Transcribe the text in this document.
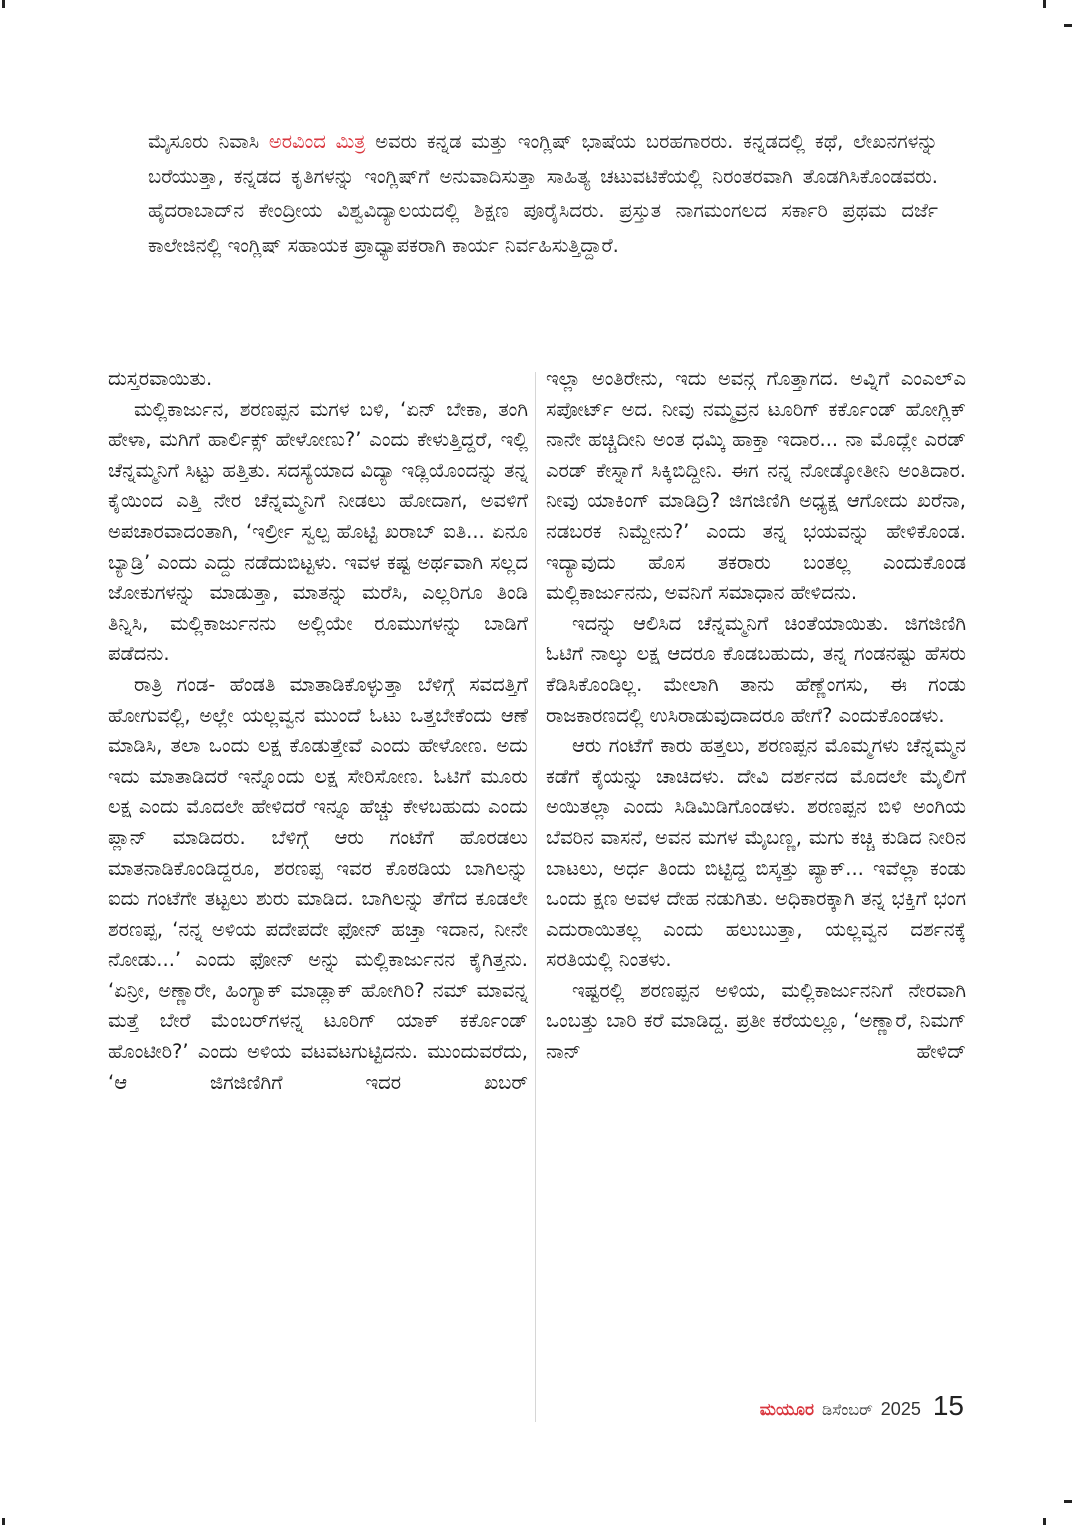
ಮೈಸೂರು ನಿವಾಸಿ ಅರವಿಂದ ಮಿತ್ರ ಅವರು ಕನ್ನಡ ಮತ್ತು ಇಂಗ್ಲಿಷ್ ಭಾಷೆಯ ಬರಹಗಾರರು. ಕನ್ನಡದಲ್ಲಿ ಕಥೆ, ಲೇಖನಗಳನ್ನು ಬರೆಯುತ್ತಾ, ಕನ್ನಡದ ಕೃತಿಗಳನ್ನು ಇಂಗ್ಲಿಷ್‌ಗೆ ಅನುವಾದಿಸುತ್ತಾ ಸಾಹಿತ್ಯ ಚಟುವಟಿಕೆಯಲ್ಲಿ ನಿರಂತರವಾಗಿ ತೊಡಗಿಸಿಕೊಂಡವರು. ಹೈದರಾಬಾದ್‌ನ ಕೇಂದ್ರೀಯ ವಿಶ್ವವಿದ್ಯಾಲಯದಲ್ಲಿ ಶಿಕ್ಷಣ ಪೂರೈಸಿದರು. ಪ್ರಸ್ತುತ ನಾಗಮಂಗಲದ ಸರ್ಕಾರಿ ಪ್ರಥಮ ದರ್ಜೆ ಕಾಲೇಜಿನಲ್ಲಿ ಇಂಗ್ಲಿಷ್ ಸಹಾಯಕ ಪ್ರಾಧ್ಯಾಪಕರಾಗಿ ಕಾರ್ಯ ನಿರ್ವಹಿಸುತ್ತಿದ್ದಾರೆ.

ದುಸ್ತರವಾಯಿತು.

ಮಲ್ಲಿಕಾರ್ಜುನ, ಶರಣಪ್ಪನ ಮಗಳ ಬಳಿ, ‘ಏನ್ ಬೇಕಾ, ತಂಗಿ ಹೇಳಾ, ಮಗಿಗೆ ಹಾರ್ಲಿಕ್ಸ್ ಹೇಳೋಣು?’ ಎಂದು ಕೇಳುತ್ತಿದ್ದರೆ, ಇಲ್ಲಿ ಚೆನ್ನಮ್ಮನಿಗೆ ಸಿಟ್ಟು ಹತ್ತಿತು. ಸದಸ್ಯೆಯಾದ ವಿದ್ಯಾ ಇಡ್ಲಿಯೊಂದನ್ನು ತನ್ನ ಕೈಯಿಂದ ಎತ್ತಿ ನೇರ ಚೆನ್ನಮ್ಮನಿಗೆ ನೀಡಲು ಹೋದಾಗ, ಅವಳಿಗೆ ಅಪಚಾರವಾದಂತಾಗಿ, ‘ಇರ್ಲ್ರೀ ಸ್ವಲ್ಪ ಹೊಟ್ಟಿ ಖರಾಬ್ ಐತಿ... ಏನೂ ಬ್ಯಾಡ್ರಿ’ ಎಂದು ಎದ್ದು ನಡೆದುಬಿಟ್ಟಳು. ಇವಳ ಕಷ್ಟ ಅರ್ಥವಾಗಿ ಸಲ್ಲದ ಜೋಕುಗಳನ್ನು ಮಾಡುತ್ತಾ, ಮಾತನ್ನು ಮರೆಸಿ, ಎಲ್ಲರಿಗೂ ತಿಂಡಿ ತಿನ್ನಿಸಿ, ಮಲ್ಲಿಕಾರ್ಜುನನು ಅಲ್ಲಿಯೇ ರೂಮುಗಳನ್ನು ಬಾಡಿಗೆ ಪಡೆದನು.

ರಾತ್ರಿ ಗಂಡ- ಹೆಂಡತಿ ಮಾತಾಡಿಕೊಳ್ಳುತ್ತಾ ಬೆಳಿಗ್ಗೆ ಸವದತ್ತಿಗೆ ಹೋಗುವಲ್ಲಿ, ಅಲ್ಲೇ ಯಲ್ಲವ್ವನ ಮುಂದೆ ಓಟು ಒತ್ತಬೇಕೆಂದು ಆಣೆ ಮಾಡಿಸಿ, ತಲಾ ಒಂದು ಲಕ್ಷ ಕೊಡುತ್ತೇವೆ ಎಂದು ಹೇಳೋಣ. ಅದು ಇದು ಮಾತಾಡಿದರೆ ಇನ್ನೊಂದು ಲಕ್ಷ ಸೇರಿಸೋಣ. ಓಟಿಗೆ ಮೂರು ಲಕ್ಷ ಎಂದು ಮೊದಲೇ ಹೇಳಿದರೆ ಇನ್ನೂ ಹೆಚ್ಚು ಕೇಳಬಹುದು ಎಂದು ಪ್ಲಾನ್ ಮಾಡಿದರು. ಬೆಳಿಗ್ಗೆ ಆರು ಗಂಟೆಗೆ ಹೊರಡಲು ಮಾತನಾಡಿಕೊಂಡಿದ್ದರೂ, ಶರಣಪ್ಪ ಇವರ ಕೊಠಡಿಯ ಬಾಗಿಲನ್ನು ಐದು ಗಂಟೆಗೇ ತಟ್ಟಲು ಶುರು ಮಾಡಿದ. ಬಾಗಿಲನ್ನು ತೆಗೆದ ಕೂಡಲೇ ಶರಣಪ್ಪ, ‘ನನ್ನ ಅಳಿಯ ಪದೇಪದೇ ಫೋನ್ ಹಚ್ತಾ ಇದಾನ, ನೀನೇ ನೋಡು...’ ಎಂದು ಫೋನ್ ಅನ್ನು ಮಲ್ಲಿಕಾರ್ಜುನನ ಕೈಗಿತ್ತನು. ‘ಏನ್ರೀ, ಅಣ್ಣಾರೇ, ಹಿಂಗ್ಯಾಕ್ ಮಾಡ್ಲಾಕ್ ಹೋಗಿರಿ? ನಮ್ ಮಾವನ್ನ ಮತ್ತೆ ಬೇರೆ ಮೆಂಬರ್‌ಗಳನ್ನ ಟೂರಿಗ್ ಯಾಕ್ ಕರ್ಕೊಂಡ್ ಹೊಂಟೀರಿ?’ ಎಂದು ಅಳಿಯ ವಟವಟಗುಟ್ಟಿದನು. ಮುಂದುವರೆದು, ‘ಆ ಜಿಗಜಿಣಿಗಿಗೆ ಇದರ ಖಬರ್

ಇಲ್ಲಾ ಅಂತಿರೇನು, ಇದು ಅವನ್ಗ ಗೊತ್ತಾಗದ. ಅವ್ನಿಗೆ ಎಂಎಲ್ಎ ಸಪೋರ್ಟ್ ಅದ. ನೀವು ನಮ್ಮವ್ರನ ಟೂರಿಗ್ ಕರ್ಕೊಂಡ್ ಹೋಗ್ಲಿಕ್ ನಾನೇ ಹಚ್ಚಿದೀನಿ ಅಂತ ಧಮ್ಕಿ ಹಾಕ್ತಾ ಇದಾರ... ನಾ ಮೊದ್ಲೇ ಎರಡ್ ಎರಡ್ ಕೇಸ್ನಾಗೆ ಸಿಕ್ಕಿಬಿದ್ದೀನಿ. ಈಗ ನನ್ನ ನೋಡ್ಕೋತೀನಿ ಅಂತಿದಾರ. ನೀವು ಯಾಕಿಂಗ್ ಮಾಡಿದ್ರಿ? ಜಿಗಜಿಣಿಗಿ ಅಧ್ಯಕ್ಷ ಆಗೋದು ಖರೆನಾ, ನಡಬರಕ ನಿಮ್ದೇನು?’ ಎಂದು ತನ್ನ ಭಯವನ್ನು ಹೇಳಿಕೊಂಡ. ಇದ್ಯಾವುದು ಹೊಸ ತಕರಾರು ಬಂತಲ್ಲ ಎಂದುಕೊಂಡ ಮಲ್ಲಿಕಾರ್ಜುನನು, ಅವನಿಗೆ ಸಮಾಧಾನ ಹೇಳಿದನು.

ಇದನ್ನು ಆಲಿಸಿದ ಚೆನ್ನಮ್ಮನಿಗೆ ಚಿಂತೆಯಾಯಿತು. ಜಿಗಜಿಣಿಗಿ ಓಟಿಗೆ ನಾಲ್ಕು ಲಕ್ಷ ಆದರೂ ಕೊಡಬಹುದು, ತನ್ನ ಗಂಡನಷ್ಟು ಹೆಸರು ಕೆಡಿಸಿಕೊಂಡಿಲ್ಲ. ಮೇಲಾಗಿ ತಾನು ಹೆಣ್ಣೆಂಗಸು, ಈ ಗಂಡು ರಾಜಕಾರಣದಲ್ಲಿ ಉಸಿರಾಡುವುದಾದರೂ ಹೇಗೆ? ಎಂದುಕೊಂಡಳು.

ಆರು ಗಂಟೆಗೆ ಕಾರು ಹತ್ತಲು, ಶರಣಪ್ಪನ ಮೊಮ್ಮಗಳು ಚೆನ್ನಮ್ಮನ ಕಡೆಗೆ ಕೈಯನ್ನು ಚಾಚಿದಳು. ದೇವಿ ದರ್ಶನದ ಮೊದಲೇ ಮೈಲಿಗೆ ಅಯಿತಲ್ಲಾ ಎಂದು ಸಿಡಿಮಿಡಿಗೊಂಡಳು. ಶರಣಪ್ಪನ ಬಿಳಿ ಅಂಗಿಯ ಬೆವರಿನ ವಾಸನೆ, ಅವನ ಮಗಳ ಮೈಬಣ್ಣ, ಮಗು ಕಚ್ಚಿ ಕುಡಿದ ನೀರಿನ ಬಾಟಲು, ಅರ್ಧ ತಿಂದು ಬಿಟ್ಟಿದ್ದ ಬಿಸ್ಕತ್ತು ಪ್ಯಾಕ್... ಇವೆಲ್ಲಾ ಕಂಡು ಒಂದು ಕ್ಷಣ ಅವಳ ದೇಹ ನಡುಗಿತು. ಅಧಿಕಾರಕ್ಕಾಗಿ ತನ್ನ ಭಕ್ತಿಗೆ ಭಂಗ ಎದುರಾಯಿತಲ್ಲ ಎಂದು ಹಲುಬುತ್ತಾ, ಯಲ್ಲವ್ವನ ದರ್ಶನಕ್ಕೆ ಸರತಿಯಲ್ಲಿ ನಿಂತಳು.

ಇಷ್ಟರಲ್ಲಿ ಶರಣಪ್ಪನ ಅಳಿಯ, ಮಲ್ಲಿಕಾರ್ಜುನನಿಗೆ ನೇರವಾಗಿ ಒಂಬತ್ತು ಬಾರಿ ಕರೆ ಮಾಡಿದ್ದ. ಪ್ರತೀ ಕರೆಯಲ್ಲೂ, ‘ಅಣ್ಣಾರೆ, ನಿಮಗ್ ನಾನ್ ಹೇಳಿದ್

ಮಯೂರ ಡಿಸೆಂಬರ್ 2025 15
